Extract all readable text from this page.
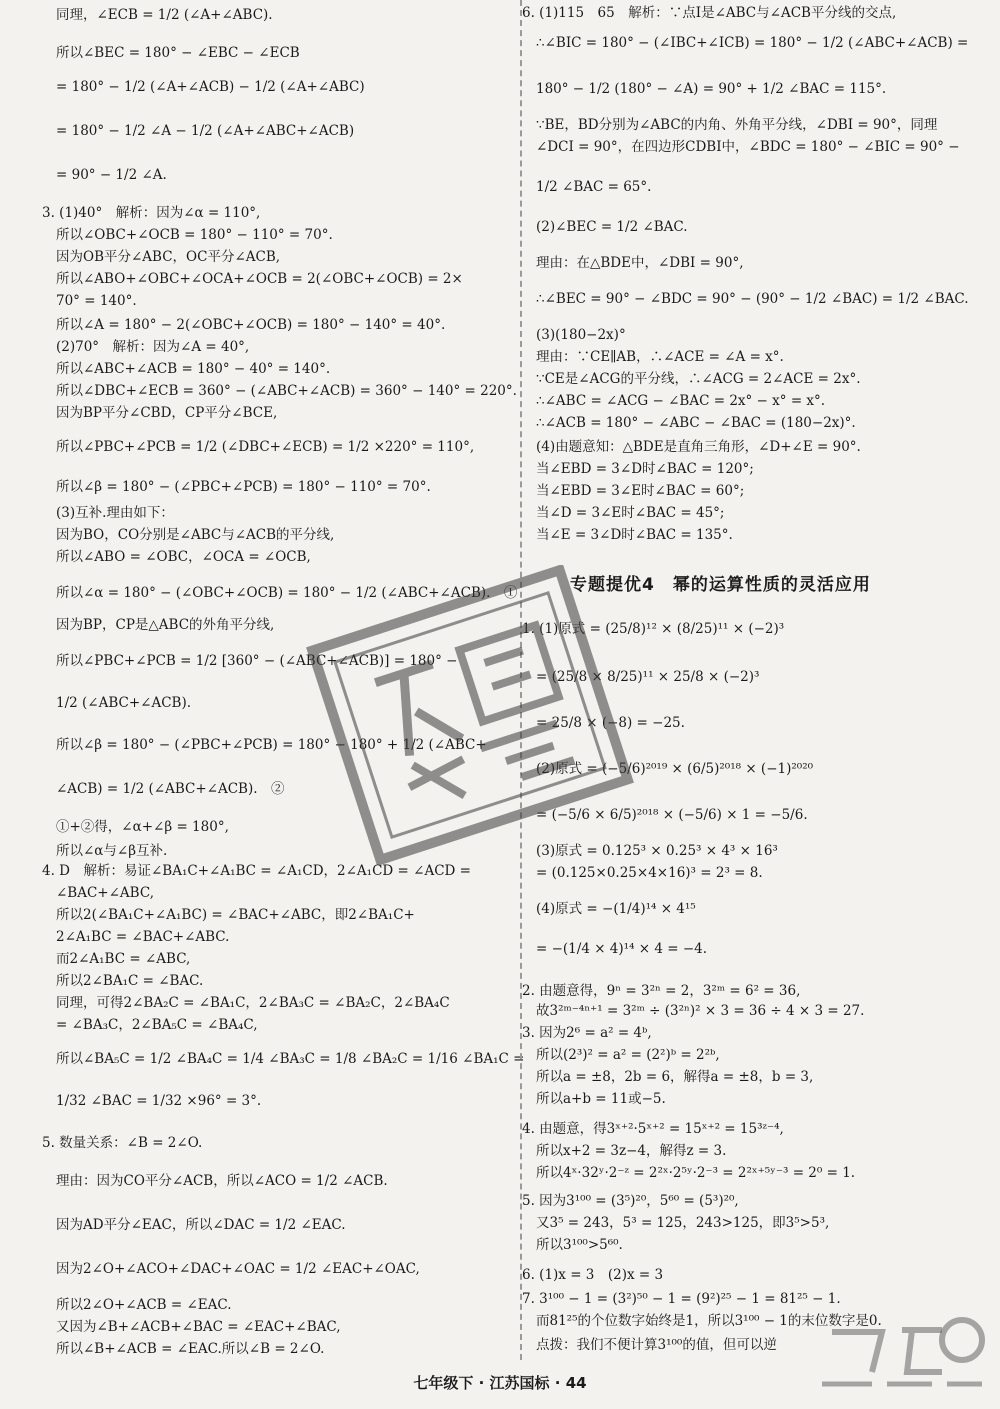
同理，∠ECB = 1/2 (∠A+∠ABC).
所以∠BEC = 180° − ∠EBC − ∠ECB
= 180° − 1/2 (∠A+∠ACB) − 1/2 (∠A+∠ABC)
= 180° − 1/2 ∠A − 1/2 (∠A+∠ABC+∠ACB)
= 90° − 1/2 ∠A.
3. (1)40°　解析：因为∠α = 110°,
所以∠OBC+∠OCB = 180° − 110° = 70°.
因为OB平分∠ABC，OC平分∠ACB,
所以∠ABO+∠OBC+∠OCA+∠OCB = 2(∠OBC+∠OCB) = 2×
70° = 140°.
所以∠A = 180° − 2(∠OBC+∠OCB) = 180° − 140° = 40°.
(2)70°　解析：因为∠A = 40°,
所以∠ABC+∠ACB = 180° − 40° = 140°.
所以∠DBC+∠ECB = 360° − (∠ABC+∠ACB) = 360° − 140° = 220°.
因为BP平分∠CBD，CP平分∠BCE,
所以∠PBC+∠PCB = 1/2 (∠DBC+∠ECB) = 1/2 ×220° = 110°,
所以∠β = 180° − (∠PBC+∠PCB) = 180° − 110° = 70°.
(3)互补.理由如下：
因为BO，CO分别是∠ABC与∠ACB的平分线,
所以∠ABO = ∠OBC，∠OCA = ∠OCB,
所以∠α = 180° − (∠OBC+∠OCB) = 180° − 1/2 (∠ABC+∠ACB).　①
因为BP，CP是△ABC的外角平分线,
所以∠PBC+∠PCB = 1/2 [360° − (∠ABC+∠ACB)] = 180° −
1/2 (∠ABC+∠ACB).
所以∠β = 180° − (∠PBC+∠PCB) = 180° − 180° + 1/2 (∠ABC+
∠ACB) = 1/2 (∠ABC+∠ACB).　②
①+②得，∠α+∠β = 180°,
所以∠α与∠β互补.
4. D　解析：易证∠BA₁C+∠A₁BC = ∠A₁CD，2∠A₁CD = ∠ACD =
∠BAC+∠ABC,
所以2(∠BA₁C+∠A₁BC) = ∠BAC+∠ABC，即2∠BA₁C+
2∠A₁BC = ∠BAC+∠ABC.
而2∠A₁BC = ∠ABC,
所以2∠BA₁C = ∠BAC.
同理，可得2∠BA₂C = ∠BA₁C，2∠BA₃C = ∠BA₂C，2∠BA₄C
= ∠BA₃C，2∠BA₅C = ∠BA₄C,
所以∠BA₅C = 1/2 ∠BA₄C = 1/4 ∠BA₃C = 1/8 ∠BA₂C = 1/16 ∠BA₁C =
1/32 ∠BAC = 1/32 ×96° = 3°.
5. 数量关系：∠B = 2∠O.
理由：因为CO平分∠ACB，所以∠ACO = 1/2 ∠ACB.
因为AD平分∠EAC，所以∠DAC = 1/2 ∠EAC.
因为2∠O+∠ACO+∠DAC+∠OAC = 1/2 ∠EAC+∠OAC,
所以2∠O+∠ACB = ∠EAC.
又因为∠B+∠ACB+∠BAC = ∠EAC+∠BAC,
所以∠B+∠ACB = ∠EAC.所以∠B = 2∠O.
6. (1)115　65　解析：∵点I是∠ABC与∠ACB平分线的交点,
∴∠BIC = 180° − (∠IBC+∠ICB) = 180° − 1/2 (∠ABC+∠ACB) =
180° − 1/2 (180° − ∠A) = 90° + 1/2 ∠BAC = 115°.
∵BE，BD分别为∠ABC的内角、外角平分线，∠DBI = 90°，同理
∠DCI = 90°，在四边形CDBI中，∠BDC = 180° − ∠BIC = 90° −
1/2 ∠BAC = 65°.
(2)∠BEC = 1/2 ∠BAC.
理由：在△BDE中，∠DBI = 90°,
∴∠BEC = 90° − ∠BDC = 90° − (90° − 1/2 ∠BAC) = 1/2 ∠BAC.
(3)(180−2x)°
理由：∵CE∥AB，∴∠ACE = ∠A = x°.
∵CE是∠ACG的平分线，∴∠ACG = 2∠ACE = 2x°.
∴∠ABC = ∠ACG − ∠BAC = 2x° − x° = x°.
∴∠ACB = 180° − ∠ABC − ∠BAC = (180−2x)°.
(4)由题意知：△BDE是直角三角形，∠D+∠E = 90°.
当∠EBD = 3∠D时∠BAC = 120°;
当∠EBD = 3∠E时∠BAC = 60°;
当∠D = 3∠E时∠BAC = 45°;
当∠E = 3∠D时∠BAC = 135°.
1. (1)原式 = (25/8)¹² × (8/25)¹¹ × (−2)³
= (25/8 × 8/25)¹¹ × 25/8 × (−2)³
= 25/8 × (−8) = −25.
(2)原式 = (−5/6)²⁰¹⁹ × (6/5)²⁰¹⁸ × (−1)²⁰²⁰
= (−5/6 × 6/5)²⁰¹⁸ × (−5/6) × 1 = −5/6.
(3)原式 = 0.125³ × 0.25³ × 4³ × 16³
= (0.125×0.25×4×16)³ = 2³ = 8.
(4)原式 = −(1/4)¹⁴ × 4¹⁵
= −(1/4 × 4)¹⁴ × 4 = −4.
2. 由题意得，9ⁿ = 3²ⁿ = 2，3²ᵐ = 6² = 36,
故3²ᵐ⁻⁴ⁿ⁺¹ = 3²ᵐ ÷ (3²ⁿ)² × 3 = 36 ÷ 4 × 3 = 27.
3. 因为2⁶ = a² = 4ᵇ,
所以(2³)² = a² = (2²)ᵇ = 2²ᵇ,
所以a = ±8，2b = 6，解得a = ±8，b = 3,
所以a+b = 11或−5.
4. 由题意，得3ˣ⁺²·5ˣ⁺² = 15ˣ⁺² = 15³ᶻ⁻⁴,
所以x+2 = 3z−4，解得z = 3.
所以4ˣ·32ʸ·2⁻ᶻ = 2²ˣ·2⁵ʸ·2⁻³ = 2²ˣ⁺⁵ʸ⁻³ = 2⁰ = 1.
5. 因为3¹⁰⁰ = (3⁵)²⁰，5⁶⁰ = (5³)²⁰,
又3⁵ = 243，5³ = 125，243>125，即3⁵>5³,
所以3¹⁰⁰>5⁶⁰.
6. (1)x = 3　(2)x = 3
7. 3¹⁰⁰ − 1 = (3²)⁵⁰ − 1 = (9²)²⁵ − 1 = 81²⁵ − 1.
而81²⁵的个位数字始终是1，所以3¹⁰⁰ − 1的末位数字是0.
点拨：我们不便计算3¹⁰⁰的值，但可以逆
专题提优4　幂的运算性质的灵活应用
七年级下 · 江苏国标 · 44
